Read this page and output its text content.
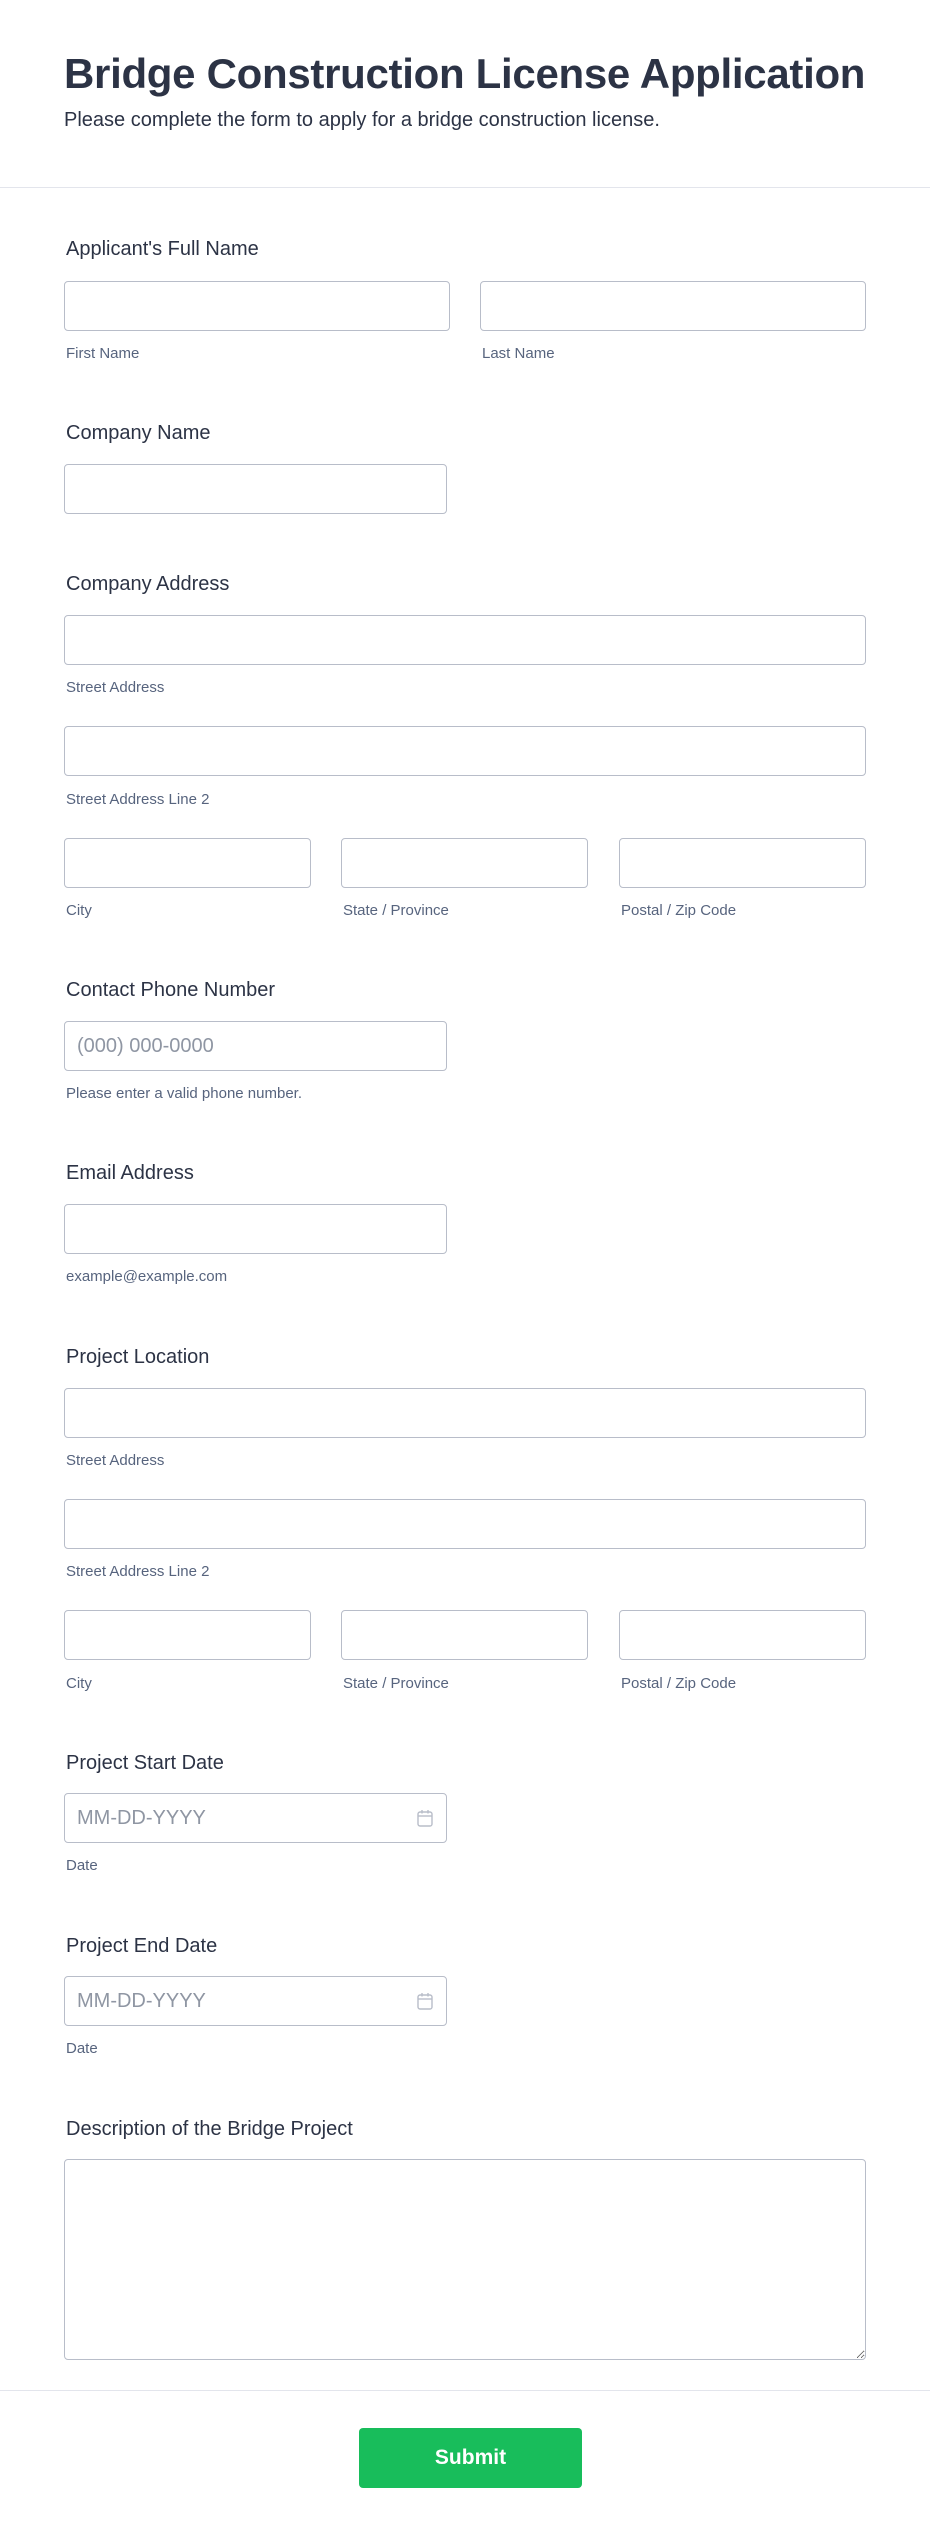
Bridge Construction License Application

Please complete the form to apply for a bridge construction license.

Applicant's Full Name
First Name	Last Name
Company Name
Company Address
Street Address
Street Address Line 2
City	State / Province	Postal / Zip Code
Contact Phone Number
(000) 000-0000
Please enter a valid phone number.
Email Address
example@example.com
Project Location
Street Address
Street Address Line 2
City	State / Province	Postal / Zip Code
Project Start Date
MM-DD-YYYY
Date
Project End Date
MM-DD-YYYY
Date
Description of the Bridge Project
Submit
